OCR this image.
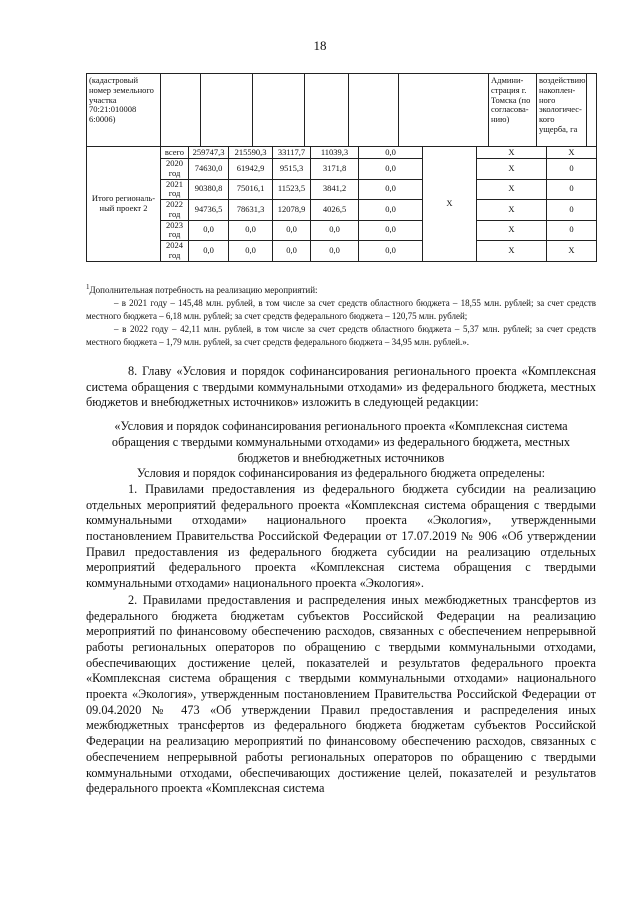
18
(кадастровый номер земельного участка 70:21:010008 6:0006)							Админи-страция г. Томска (по согласова-нию)	воздействию накоплен-ного экологичес-кого ущерба, га	
Итого региональ-ный проект 2	всего	259747,3	215590,3	33117,7	11039,3	0,0	Х	Х	Х
	2020 год	74630,0	61942,9	9515,3	3171,8	0,0		Х	0
	2021 год	90380,8	75016,1	11523,5	3841,2	0,0		Х	0
	2022 год	94736,5	78631,3	12078,9	4026,5	0,0		Х	0
	2023 год	0,0	0,0	0,0	0,0	0,0		Х	0
	2024 год	0,0	0,0	0,0	0,0	0,0		Х	Х
$^1$Дополнительная потребность на реализацию мероприятий:
– в 2021 году – 145,48 млн. рублей, в том числе за счет средств областного бюджета – 18,55 млн. рублей; за счет средств местного бюджета – 6,18 млн. рублей; за счет средств федерального бюджета – 120,75 млн. рублей;
– в 2022 году – 42,11 млн. рублей, в том числе за счет средств областного бюджета – 5,37 млн. рублей; за счет средств местного бюджета – 1,79 млн. рублей, за счет средств федерального бюджета – 34,95 млн. рублей.».

8. Главу «Условия и порядок софинансирования регионального проекта «Комплексная система обращения с твердыми коммунальными отходами» из федерального бюджета, местных бюджетов и внебюджетных источников» изложить в следующей редакции:

«Условия и порядок софинансирования регионального проекта «Комплексная система обращения с твердыми коммунальными отходами» из федерального бюджета, местных бюджетов и внебюджетных источников

Условия и порядок софинансирования из федерального бюджета определены:

1. Правилами предоставления из федерального бюджета субсидии на реализацию отдельных мероприятий федерального проекта «Комплексная система обращения с твердыми коммунальными отходами» национального проекта «Экология», утвержденными постановлением Правительства Российской Федерации от 17.07.2019 № 906 «Об утверждении Правил предоставления из федерального бюджета субсидии на реализацию отдельных мероприятий федерального проекта «Комплексная система обращения с твердыми коммунальными отходами» национального проекта «Экология».

2. Правилами предоставления и распределения иных межбюджетных трансфертов из федерального бюджета бюджетам субъектов Российской Федерации на реализацию мероприятий по финансовому обеспечению расходов, связанных с обеспечением непрерывной работы региональных операторов по обращению с твердыми коммунальными отходами, обеспечивающих достижение целей, показателей и результатов федерального проекта «Комплексная система обращения с твердыми коммунальными отходами» национального проекта «Экология», утвержденным постановлением Правительства Российской Федерации от 09.04.2020 № 473 «Об утверждении Правил предоставления и распределения иных межбюджетных трансфертов из федерального бюджета бюджетам субъектов Российской Федерации на реализацию мероприятий по финансовому обеспечению расходов, связанных с обеспечением непрерывной работы региональных операторов по обращению с твердыми коммунальными отходами, обеспечивающих достижение целей, показателей и результатов федерального проекта «Комплексная система
